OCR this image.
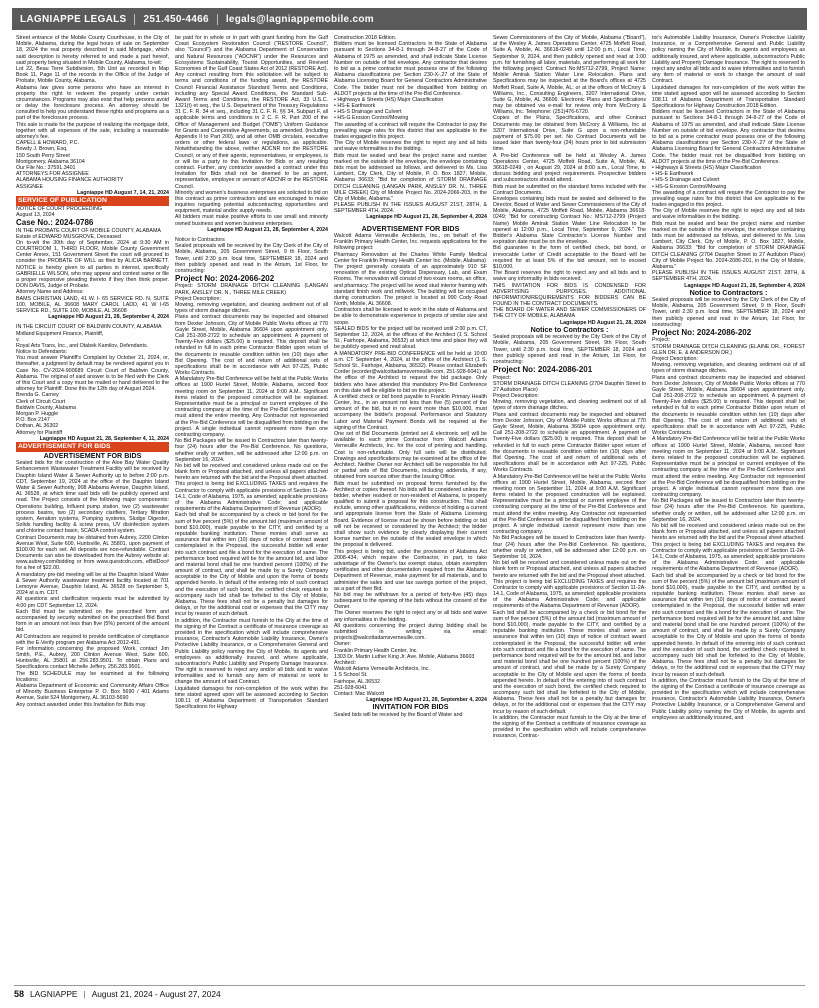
LAGNIAPPE LEGALS	251.450-4466	legals@lagniappemobile.com

Street entrance of the Mobile County Courthouse, in the City of Mobile, Alabama, during the legal hours of sale on September 18, 2024 the real property described in said Mortgage, which said description is hereby referred to and made a part hereof, said property being situated in Mobile County, Alabama, to-wit:

Lot 22, Beau Terre Subdivision, 5th Unit as recorded in Map Book 11, Page 11 of the records in the Office of the Judge of Probate, Mobile County, Alabama.

Alabama law gives some persons who have an interest in property the right to redeem the property under certain circumstances. Programs may also exist that help persons avoid or delay the foreclosure process. An attorney should be consulted to help you understand these rights and programs as a part of the foreclosure process.

This sale is made for the purpose of realizing the mortgage debt, together with all expenses of the sale, including a reasonable attorney's fee.

CAPELL & HOWARD, P.C.

Bowdy J. Brown, Esq.

150 South Perry Street

Montgomery, Alabama 36104

Our File No.: 37591.3401

ATTORNEYS FOR ASSIGNEE

ALABAMA HOUSING FINANCE AUTHORITY

ASSIGNEE

Lagniappe HD August 7, 14, 21, 2024

SERVICE OF PUBLICATION

NOTICE OF COURT PROCEEDING

August 13, 2024

Case No.: 2024-0786

IN THE PROBATE COURT OF MOBILE COUNTY, ALABAMA

Estate of EDWARD MUSGROVE, Deceased

On to-wit the 30th day of September, 2024 at 9:30 AM in COURTROOM 1, THIRD FLOOR, Mobile County Government Center Annex, 151 Government Street the court will proceed to consider the PROBATE OF WILL as filed by ALICIA BARNETT. NOTICE is hereby given to all parties in interest, specifically GABRIELLE WILSON, who may appear and contest same or file a proper responsive pleading thereto if they then think proper. DON DAVIS, Judge of Probate.

Attorney Name and Address:

BAMS CHRISTIAN LAND, 41 W. I- 65 SERVICE RD. N, SUITE 100, MOBILE, AL 36608 MARY CAROL LADD, 41 W I-65 SERVICE RD., SUITE 100, MOBILE, AL 36608

Lagniappe HD August 21, 28, September 4, 2024

IN THE CIRCUIT COURT OF BALDWIN COUNTY, ALABAMA

Midland Equipment Finance, Plaintiff,

v.

Royal Arts Trans, Inc., and Otabek Kamilov, Defendants.

Notice to Defendants:

You must answer Plaintiff's Complaint by October 21, 2024, or, thereafter, a judgment by default may be rendered against you in Case No. CV-2024-900689 Circuit Court of Baldwin County, Alabama. The original of said answer is to be filed with the Clerk of this Court and a copy must be mailed or hand delivered to the attorney for Plaintiff. Done this the 12th day of August 2024.

Brenda G. Carney

Clerk of Circuit Court

Baldwin County, Alabama

Morgan P. Huggle

P.O. Box 2147

Dothan, AL 36302

Attorney for Plaintiff

Lagniappe HD August 21, 28, September 4, 11, 2024

ADVERTISEMENT FOR BIDS

ADVERTISEMENT FOR BIDS

Sealed bids for the construction of the Aloe Bay Water Quality Enhancement Wastewater Treatment Facility will be received by Dauphin Island Water & Sewer Authority up to before 2:00 p.m. CDT, September 19, 2024 at the office of the Dauphin Island Water & Sewer Authority, 908 Alabama Avenue, Dauphin Island, AL 36528, at which time said bids will be publicly opened and read. The Project consists of the following major components: Operations building, Influent pump station, two (2) wastewater process basins, two (2) secondary clarifiers, Tertiary filtration system, Aeration systems, Pumping systems, Sludge Digester, Solids handling facility & screw press, UV disinfection system and chlorine contact basin, SCADA control system.

Contract Documents may be obtained from Aubrey, 2200 Clinton Avenue West, Suite 600, Huntsville, AL 35801, upon payment of $100.00 for each set. All deposits are non-refundable. Contract Documents can also be downloaded from the Aubrey website at: www.aubrey.com/bidding or from www.questcdn.com, eBidDoc# for a fee of $22.00.

A mandatory pre-bid meeting will be at the Dauphin Island Water & Sewer Authority wastewater treatment facility located at 701 Lemoyne Avenue, Dauphin Island, AL 36528 on September 5, 2024 at a.m. CDT.

All questions and clarification requests must be submitted by 4:00 pm CDT September 12, 2024.

Each Bid must be submitted on the prescribed form and accompanied by security submitted on the prescribed Bid Bond form in an amount not less than five (5%) percent of the amount bid.

All Contractors are required to provide certification of compliance with the E-Verify program per Alabama Act 2012-491.

For information concerning the proposed Work, contact Jim Smith, P.E., Aubrey, 200 Clinton Avenue West, Suite 600, Huntsville, AL 35801 at 256.283.9501. To obtain Plans and Specifications contact Michelle Jeffery, 256.283.9501.

The BID SCHEDULE may be examined at the following locations:

Alabama Department of Economic and Community Affairs Office of Minority Business Enterprise P. O. Box 5690 / 401 Adams Avenue, Suite 524 Montgomery, AL 36103-5690

Any contract awarded under this Invitation for Bids may

be paid for in whole or in part with grant funding from the Gulf Coast Ecosystem Restoration Council ("RESTORE Council", also "Council") and the Alabama Department of Conservation and Natural Resources ("ADCNR") under the Resources and Ecosystems Sustainability, Tourist Opportunities, and Revived Economies of the Gulf Coast States Act of 2012 (RESTORE Act). Any contract resulting from this solicitation will be subject to terms and conditions of the funding award, the RESTORE Council Financial Assistance Standard Terms and Conditions, including any Special Award Conditions, the Standard Sub-Award Terms and Conditions, the RESTORE Act, 33 U.S.C. 1321(t) et seq., the U.S. Department of the Treasury Regulations 31 C. F. R. 34 et seq., including 31 C. F. R. §§ 34, Subpart F, all applicable terms and conditions in 2 C. F. R. Part 200 of the Office of Management and Budget ("OMB") Uniform Guidance for Grants and Cooperative Agreements, as amended. (including Appendix II to Part 200), and all other OMB circulars, executive orders or other federal laws or regulations, as applicable. Notwithstanding the above, neither ADCNR nor the RESTORE Council, or any of their agents, representatives, or employees, is or will be a party to this Invitation for Bids or any resulting contract. Further, any contractor awarded a contract under this Invitation for Bids shall not be deemed to be an agent, representative, employee or servant of ADCNR or the RESTORE Council.

Minority and women's business enterprises are solicited to bid on this contract as prime contractors and are encouraged to make inquiries regarding potential subcontracting opportunities and equipment, material and/or supply needs.

All bidders must make positive efforts to use small and minority owned business and women business enterprises.

Lagniappe HD August 21, 28, September 4, 2024

Notice to Contractors

Sealed proposals will be received by the City Clerk of the City of Mobile, Alabama, 205 Government Street, 9 th Floor, South Tower, until 2:30 p.m. local time, SEPTEMBER 18, 2024 and then publicly opened and read in the Atrium, 1st Floor, for constructing:

Project No: 2024-2066-202

Project: STORM DRAINAGE DITCH CLEANING (LANGAN PARK, ANSLEY DR. N., THREE MILE CREEK)

Project Description:

Mowing, removing vegetation, and cleaning sediment out of all types of storm drainage ditches.

Plans and contract documents may be inspected and obtained from Dexter Johnson, City of Mobile Public Works offices at 770 Gayle Street, Mobile, Alabama 36604 upon appointment only. Call 251-208-2722 to schedule an appointment. A payment of Twenty-Five dollars ($25.00) is required. This deposit shall be refunded in full to each prime Contractor Bidder upon return of the documents in reusable condition within ten (10) days after Bid Opening. The cost of and return of additional sets of specifications shall be in accordance with Act 97-225, Public Works Contracts.

A Mandatory Pre-Bid Conference will be held at the Public Works offices at 1900 Hurtel Street, Mobile, Alabama, second floor meeting room on September 11, 2024 at 9:00 A.M.. Significant items related to the proposed construction will be explained. Representative must be a principal or current employee of the contracting company at the time of the Pre-Bid Conference and must attend the entire meeting. Any Contractor not represented at the Pre-Bid Conference will be disqualified from bidding on the project. A single individual cannot represent more than one contracting company.

No Bid Packages will be issued to Contractors later than twenty-four (24) hours after the Pre-Bid Conference. No questions, whether orally or written, will be addressed after 12:00 p.m. on September 16, 2024.

No bid will be received and considered unless made out on the blank form or Proposal attached, and unless all papers attached hereto are returned with the bid and the Proposal sheet attached.

This project is being bid EXCLUDING TAXES and requires the Contractor to comply with applicable provisions of Section 11-2A-14.1, Code of Alabama, 1975, as amended; applicable provisions of the Alabama Administrative Code; and applicable requirements of the Alabama Department of Revenue (ADOR).

Each bid shall be accompanied by a check or bid bond for the sum of five percent (5%) of the amount bid (maximum amount of bond $10,000), made payable to the CITY, and certified by a reputable banking institution. These monies shall serve as assurance that within ten (10) days of notice of contract award contemplated in the Proposal, the successful bidder will enter into such contract and file a bond for the execution of same. The performance bond required will be for the amount bid, and labor and material bond shall be one hundred percent (100%) of the amount of contract, and shall be made by a Surety Company acceptable to the City of Mobile and upon the forms of bonds appended hereto. In default of the entering into of such contract and the execution of such bond, the certified check required to accompany such bid shall be forfeited to the City of Mobile, Alabama. These fees shall not be a penalty but damages for delays, or for the additional cost or expenses that the CITY may incur by reason of such default.

In addition, the Contractor must furnish to the City at the time of the signing of the Contract a certificate of insurance coverage as provided in the specification which will include comprehensive insurance, Contractor's Automobile Liability Insurance, Owner's Protective Liability Insurance, or a Comprehensive General and Public Liability policy naming the City of Mobile, its agents and employees as additionally insured, and where applicable, subcontractor's Public Liability and Property Damage Insurance. The right is reserved to reject any and/or all bids and to waive informalities and to furnish any item of material or work to change the amount of said Contract.

Liquidated damages for non-completion of the work within the time stated agreed upon will be assessed according to Section 108.11 of Alabama Department of Transportation Standard Specifications for Highway

Construction 2018 Edition.

Bidders must be licensed Contractors in the State of Alabama pursuant to Sections 34-8-1 through 34-8-27 of the Code of Alabama of 1975 as amended, and shall indicate State License Number on outside of bid envelope. Any contractor that desires to bid as a prime contractor must possess one of the following Alabama classifications per Section 230-X-.27 of the State of Alabama Licensing Board for General Contractors Administrative Code. The bidder must not be disqualified from bidding on ALDOT projects at the time of the Pre-Bid Conference.

• Highways & Streets (HS) Major Classification

• HS-E Earthwork

• HS-S Drainage and Culvert

• HS-G Erosion Control/Mowing

The awarding of a contract will require the Contractor to pay the prevailing wage rates for this district that are applicable to the trades engaged in this project.

The City of Mobile reserves the right to reject any and all bids and waive informalities in the bidding.

Bids must be sealed and bear the project name and number marked on the outside of the envelope, the envelope containing bids must be addressed as follows, and delivered to Ms. Lisa Lambert, City Clerk, City of Mobile, P. O. Box 1827, Mobile, Alabama 36633: "Bid for completion of STORM DRAINAGE DITCH CLEANING (LANGAN PARK, ANSLEY DR. N., THREE MILE CREEK) City of Mobile Project No. 2024-2066-203, in the City of Mobile, Alabama."

PLEASE PUBLISH IN THE ISSUES AUGUST 21ST, 28TH, & SEPTEMBER 4TH, 2024.

Lagniappe HD August 21, 28, September 4, 2024

ADVERTISEMENT FOR BIDS

Walcott Adams Verneuille Architects, Inc., on behalf of the Franklin Primary Health Center, Inc. requests applications for the following project:

Pharmacy Renovation at the Charles White Family Medical Center for Franklin Primary Health Center Inc. (Mobile, Alabama)

The project generally consists of an approximately 910 SF renovation of the existing Optical Dispensary, Lab, and Exam Rooms. The renovation will consist of two exam rooms, an office, and pharmacy. The project will be wood stud interior framing with standard finish work and millwork. The building will be occupied during construction. The project is located at 990 Cody Road North, Mobile, AL 36608.

Contractors shall be licensed to work in the state of Alabama and be able to demonstrate experience in projects of similar size and scope.

SEALED BIDS for the project will be received until 2:00 p.m. CT, September 12, 2024, at the offices of the Architect (1 S. School St., Fairhope, Alabama, 36532) at which time and place they will be publicly opened and read aloud.

A MANDATORY PRE-BID CONFERENCE will be held at 10:00 a.m. CT September 4, 2024, at the office of the Architect (1 S. School St., Fairhope, Alabama, 36532). Please contact Elizabeth Corder (ecorder@walcottadamsverneuille.com, 251-928-6041) at the office of the Architect to request the bid package. Only bidders who have attended this mandatory Pre-Bid Conference on this date will be eligible to bid on this project.

A certified check or bid bond payable to Franklin Primary Health Center, Inc., in an amount not less than five (5) percent of the amount of the bid, but in no event more than $10,000, must accompany the bidder's proposal. Performance and Statutory Labor and Material Payment Bonds will be required at the signing of the Contract.

One set of Bid Documents (printed set & electronic set) will be available to each prime Contractor from Walcott Adams Verneuille Architects, Inc. for the cost of printing and handling. Cost is non-refundable. Only full sets will be distributed. Drawings and specifications may be examined at the office of the Architect. Neither Owner nor Architect will be responsible for full or partial sets of Bid Documents, including addenda, if any, obtained from sources other than the Issuing Office.

Bids must be submitted on proposal forms furnished by the Architect or copies thereof. No bids will be considered unless the bidder, whether resident or non-resident of Alabama, is properly qualified to submit a proposal for this construction. This shall include, among other qualifications, evidence of holding a current and appropriate license from the State of Alabama Licensing Board. Evidence of license must be shown before bidding or bid will not be received or considered by the Architect; the bidder shall show such evidence by clearly displaying their current license number on the outside of the sealed envelope in which the proposal is delivered.

This project is being bid, under the provisions of Alabama Act 2008-434, which require the Contractor, in part, to take advantage of the Owner's tax exempt status, obtain exemption certificates and other documentation required from the Alabama Department of Revenue, make payment for all materials, and to administer the sales and use tax savings portion of the project, as a part of their Bid.

No bid may be withdrawn for a period of forty-five (45) days subsequent to the opening of the bids without the consent of the Owner.

The Owner reserves the right to reject any or all bids and waive any informalities in the bidding.

All questions concerning the project during bidding shall be submitted in writing via email: projects@walcottadamsverneuille.com.

Owner:

Franklin Primary Health Center, Inc.

1303 Dr. Martin Luther King Jr. Ave. Mobile, Alabama 36603

Architect:

Walcott Adams Verneuille Architects, Inc.

1 S School St.

Fairhope, AL 36532

251-928-6041

Contact: Mac Walcott

Lagniappe HD August 21, 28, September 4, 2024

INVITATION FOR BIDS

Sealed bids will be received by the Board of Water and

Sewer Commissioners of the City of Mobile, Alabama ("Board"), at the Wesley A. James Operations Center, 4725 Moffett Road, Suite A, Mobile, AL 36618-0249 until 12:00 p.m., Local Time, September 9, 2024, and then publicly opened and read at 1:00 p.m. for furnishing all labor, materials, and performing all work for the following project: Contract No:MS712-2799, Project Name: Mobile Amtrak Station Water Line Relocation. Plans and Specifications may be inspected at the Board's offices at 4725 Moffett Road, Suite A, Mobile, AL; or at the offices of McCrory & Williams, Inc., Consulting Engineers, 3207 International Drive, Suite G, Mobile, AL 36606. Electronic Plans and Specifications may be obtained via e-mail for review only from McCrory & Williams, Inc. Telephone: (251)476-6720.

Copies of the Plans, Specifications, and other Contract Documents may be obtained from McCrory & Williams, Inc at 3207 International Drive, Suite G upon a non-refundable payment of $75.00 per set. No Contract Documents will be issued later than twenty-four (24) hours prior to bid submission time.

A Pre-bid Conference will be held at Wesley A. James Operations Center, 4725 Moffett Road, Suite A, Mobile, AL 36618-0249 , on August 29, 2024 at 8:00 a.m., Local Time, to discuss bidding and project requirements. Prospective bidders and subcontractors should attend.

Bids must be submitted on the standard forms included with the Contract Documents.

Envelopes containing bids must be sealed and delivered to the Director, Board of Water and Sewer Commissioners of the City of Mobile, Alabama, 4725 Moffett Road, Mobile, Alabama 36618-0249; "Bid for constructing Contract No.: MS712-2799 (Project Name) Mobile Amtrak Station Water Line Relocation to be opened at 12:00 p.m., Local Time, September 9, 2024." The Bidder's Alabama State Contractor's License Number and expiration date must be on the envelope.

Bid guarantee in the form of certified check, bid bond, or irrevocable Letter of Credit acceptable to the Board will be required for at least 5% of the bid amount, not to exceed $10,000.

The Board reserves the right to reject any and all bids and to waive any informality in bids received.

THIS INVITATION FOR BIDS IS CONDENSED FOR ADVERTISING PURPOSES. ADDITIONAL INFORMATION/REQUIREMENTS FOR BIDDERS CAN BE FOUND IN THE CONTRACT DOCUMENTS.

THE BOARD OF WATER AND SEWER COMMISSIONERS OF THE CITY OF MOBILE, ALABAMA

Lagniappe HD August 21, 28, 2024

Notice to Contractors :

Sealed proposals will be received by the City Clerk of the City of Mobile, Alabama, 205 Government Street, 9th Floor, South Tower, until 2:30 p.m. local time, SEPTEMBER 18, 2024 and then publicly opened and read in the Atrium, 1st Floor, for constructing:

Project No: 2024-2086-201

Project:

STORM DRAINAGE DITCH CLEANING (2704 Dauphin Street to 27 Audubon Place)

Project Description:

Mowing, removing vegetation, and cleaning sediment out of all types of storm drainage ditches.

Plans and contract documents may be inspected and obtained from Dexter Johnson, City of Mobile Public Works offices at 770 Gayle Street, Mobile, Alabama 36604 upon appointment only. Call 251-208-2722 to schedule an appointment. A payment of Twenty-Five dollars ($25.00) is required. This deposit shall be refunded in full to each prime Contractor Bidder upon return of the documents in reusable condition within ten (10) days after Bid Opening. The cost of and return of additional sets of specifications shall be in accordance with Act 97-225, Public Works Contracts.

A Mandatory Pre-Bid Conference will be held at the Public Works offices at 1900 Hurtel Street, Mobile, Alabama, second floor meeting room on September 11, 2024 at 9:00 A.M. Significant items related to the proposed construction will be explained. Representative must be a principal or current employee of the contracting company at the time of the Pre-Bid Conference and must attend the entire meeting. Any Contractor not represented at the Pre-Bid Conference will be disqualified from bidding on the project. A single individual cannot represent more than one contracting company.

No Bid Packages will be issued to Contractors later than twenty-four (24) hours after the Pre-Bid Conference. No questions, whether orally or written, will be addressed after 12:00 p.m. on September 16, 2024.

No bid will be received and considered unless made out on the blank form or Proposal attached, and unless all papers attached hereto are returned with the bid and the Proposal sheet attached.

This project is being bid EXCLUDING TAXES and requires the Contractor to comply with applicable provisions of Section 11-2A-14.1, Code of Alabama, 1975, as amended; applicable provisions of the Alabama Administrative Code; and applicable requirements of the Alabama Department of Revenue (ADOR).

Each bid shall be accompanied by a check or bid bond for the sum of five percent (5%) of the amount bid (maximum amount of bond $10,000), made payable to the CITY, and certified by a reputable banking institution. These monies shall serve as assurance that within ten (10) days of notice of contract award contemplated in the Proposal, the successful bidder will enter into such contract and file a bond for the execution of same. The performance bond required will be for the amount bid, and labor and material bond shall be one hundred percent (100%) of the amount of contract, and shall be made by a Surety Company acceptable to the City of Mobile and upon the forms of bonds appended hereto. In default of the entering into of such contract and the execution of such bond, the certified check required to accompany such bid shall be forfeited to the City of Mobile, Alabama. These fees shall not be a penalty but damages for delays, or for the additional cost or expenses that the CITY may incur by reason of such default.

In addition, the Contractor must furnish to the City at the time of the signing of the Contract a certificate of insurance coverage as provided in the specification which will include comprehensive insurance, Contrac-

tor's Automobile Liability Insurance, Owner's Protective Liability Insurance, or a Comprehensive General and Public Liability policy naming the City of Mobile, its agents and employees as additionally insured, and where applicable, subcontractor's Public Liability and Property Damage Insurance. The right is reserved to reject any and/or all bids and to waive informalities and to furnish any item of material or work to change the amount of said Contract.

Liquidated damages for non-completion of the work within the time stated agreed upon will be assessed according to Section 108.11 of Alabama Department of Transportation Standard Specifications for Highway Construction 2018 Edition.

Bidders must be licensed Contractors in the State of Alabama pursuant to Sections 34-8-1 through 34-8-27 of the Code of Alabama of 1975 as amended, and shall indicate State License Number on outside of bid envelope. Any contractor that desires to bid as a prime contractor must possess one of the following Alabama classifications per Section 230-X-.27 of the State of Alabama Licensing Board for General Contractors Administrative Code. The bidder must not be disqualified from bidding on ALDOT projects at the time of the Pre-Bid Conference.

• Highways & Streets (HS) Major Classification

• HS-E Earthwork

• HS-S Drainage and Culvert

• HS-G Erosion Control/Mowing

The awarding of a contract will require the Contractor to pay the prevailing wage rates for this district that are applicable to the trades engaged in this project.

The City of Mobile reserves the right to reject any and all bids and waive informalities in the bidding.

Bids must be sealed and bear the project name and number marked on the outside of the envelope, the envelope containing bids must be addressed as follows, and delivered to Ms. Lisa Lambert, City Clerk, City of Mobile, P. O. Box 1827, Mobile, Alabama 36633: "Bid for completion of STORM DRAINAGE DITCH CLEANING (2704 Dauphin Street to 27 Audubon Place) City of Mobile Project No. 2024-2086-201, in the City of Mobile, Alabama."

PLEASE PUBLISH IN THE ISSUES AUGUST 21ST, 28TH, & SEPTEMBER 4TH, 2024.

Lagniappe HD August 21, 28, September 4, 2024

Notice to Contractors :

Sealed proposals will be received by the City Clerk of the City of Mobile, Alabama, 205 Government Street, 9 th Floor, South Tower, until 2:30 p.m. local time, SEPTEMBER 18, 2024 and then publicly opened and read in the Atrium, 1st Floor, for constructing:

Project No: 2024-2086-202

Project:

STORM DRAINAGE DITCH CLEANING (ELAINE DR., FOREST GLEN DR. E. & ANDERSON DR.)

Project Description:

Mowing, removing vegetation, and cleaning sediment out of all types of storm drainage ditches.

Plans and contract documents may be inspected and obtained from Dexter Johnson, City of Mobile Public Works offices at 770 Gayle Street, Mobile, Alabama 36604 upon appointment only. Call 251-208-2722 to schedule an appointment. A payment of Twenty-Five dollars ($25.00) is required. This deposit shall be refunded in full to each prime Contractor Bidder upon return of the documents in reusable condition within ten (10) days after Bid Opening. The cost of and return of additional sets of specifications shall be in accordance with Act 97-225, Public Works Contracts.

A Mandatory Pre-Bid Conference will be held at the Public Works offices at 1900 Hurtel Street, Mobile, Alabama, second floor meeting room on September 11, 2024 at 9:00 A.M.. Significant items related to the proposed construction will be explained. Representative must be a principal or current employee of the contracting company at the time of the Pre-Bid Conference and must attend the entire meeting. Any Contractor not represented at the Pre-Bid Conference will be disqualified from bidding on the project. A single individual cannot represent more than one contracting company.

No Bid Packages will be issued to Contractors later than twenty-four (24) hours after the Pre-Bid Conference. No questions, whether orally or written, will be addressed after 12:00 p.m. on September 16, 2024.

No bid will be received and considered unless made out on the blank form or Proposal attached, and unless all papers attached hereto are returned with the bid and the Proposal sheet attached.

This project is being bid EXCLUDING TAXES and requires the Contractor to comply with applicable provisions of Section 11-2A-14.1, Code of Alabama, 1975, as amended; applicable provisions of the Alabama Administrative Code; and applicable requirements of the Alabama Department of Revenue (ADOR).

Each bid shall be accompanied by a check or bid bond for the sum of five percent (5%) of the amount bid (maximum amount of bond $10,000), made payable to the CITY, and certified by a reputable banking institution. These monies shall serve as assurance that within ten (10) days of notice of contract award contemplated in the Proposal, the successful bidder will enter into such contract and file a bond for the execution of same. The performance bond required will be for the amount bid, and labor and material bond shall be one hundred percent (100%) of the amount of contract, and shall be made by a Surety Company acceptable to the City of Mobile and upon the forms of bonds appended hereto. In default of the entering into of such contract and the execution of such bond, the certified check required to accompany such bid shall be forfeited to the City of Mobile, Alabama. These fees shall not be a penalty but damages for delays, or for the additional cost or expenses that the CITY may incur by reason of such default.

In addition, the Contractor must furnish to the City at the time of the signing of the Contract a certificate of insurance coverage as provided in the specification which will include comprehensive insurance, Contractor's Automobile Liability Insurance, Owner's Protective Liability Insurance, or a Comprehensive General and Public Liability policy naming the City of Mobile, its agents and employees as additionally insured, and

58 LAGNIAPPE | August 21, 2024 - August 27, 2024
